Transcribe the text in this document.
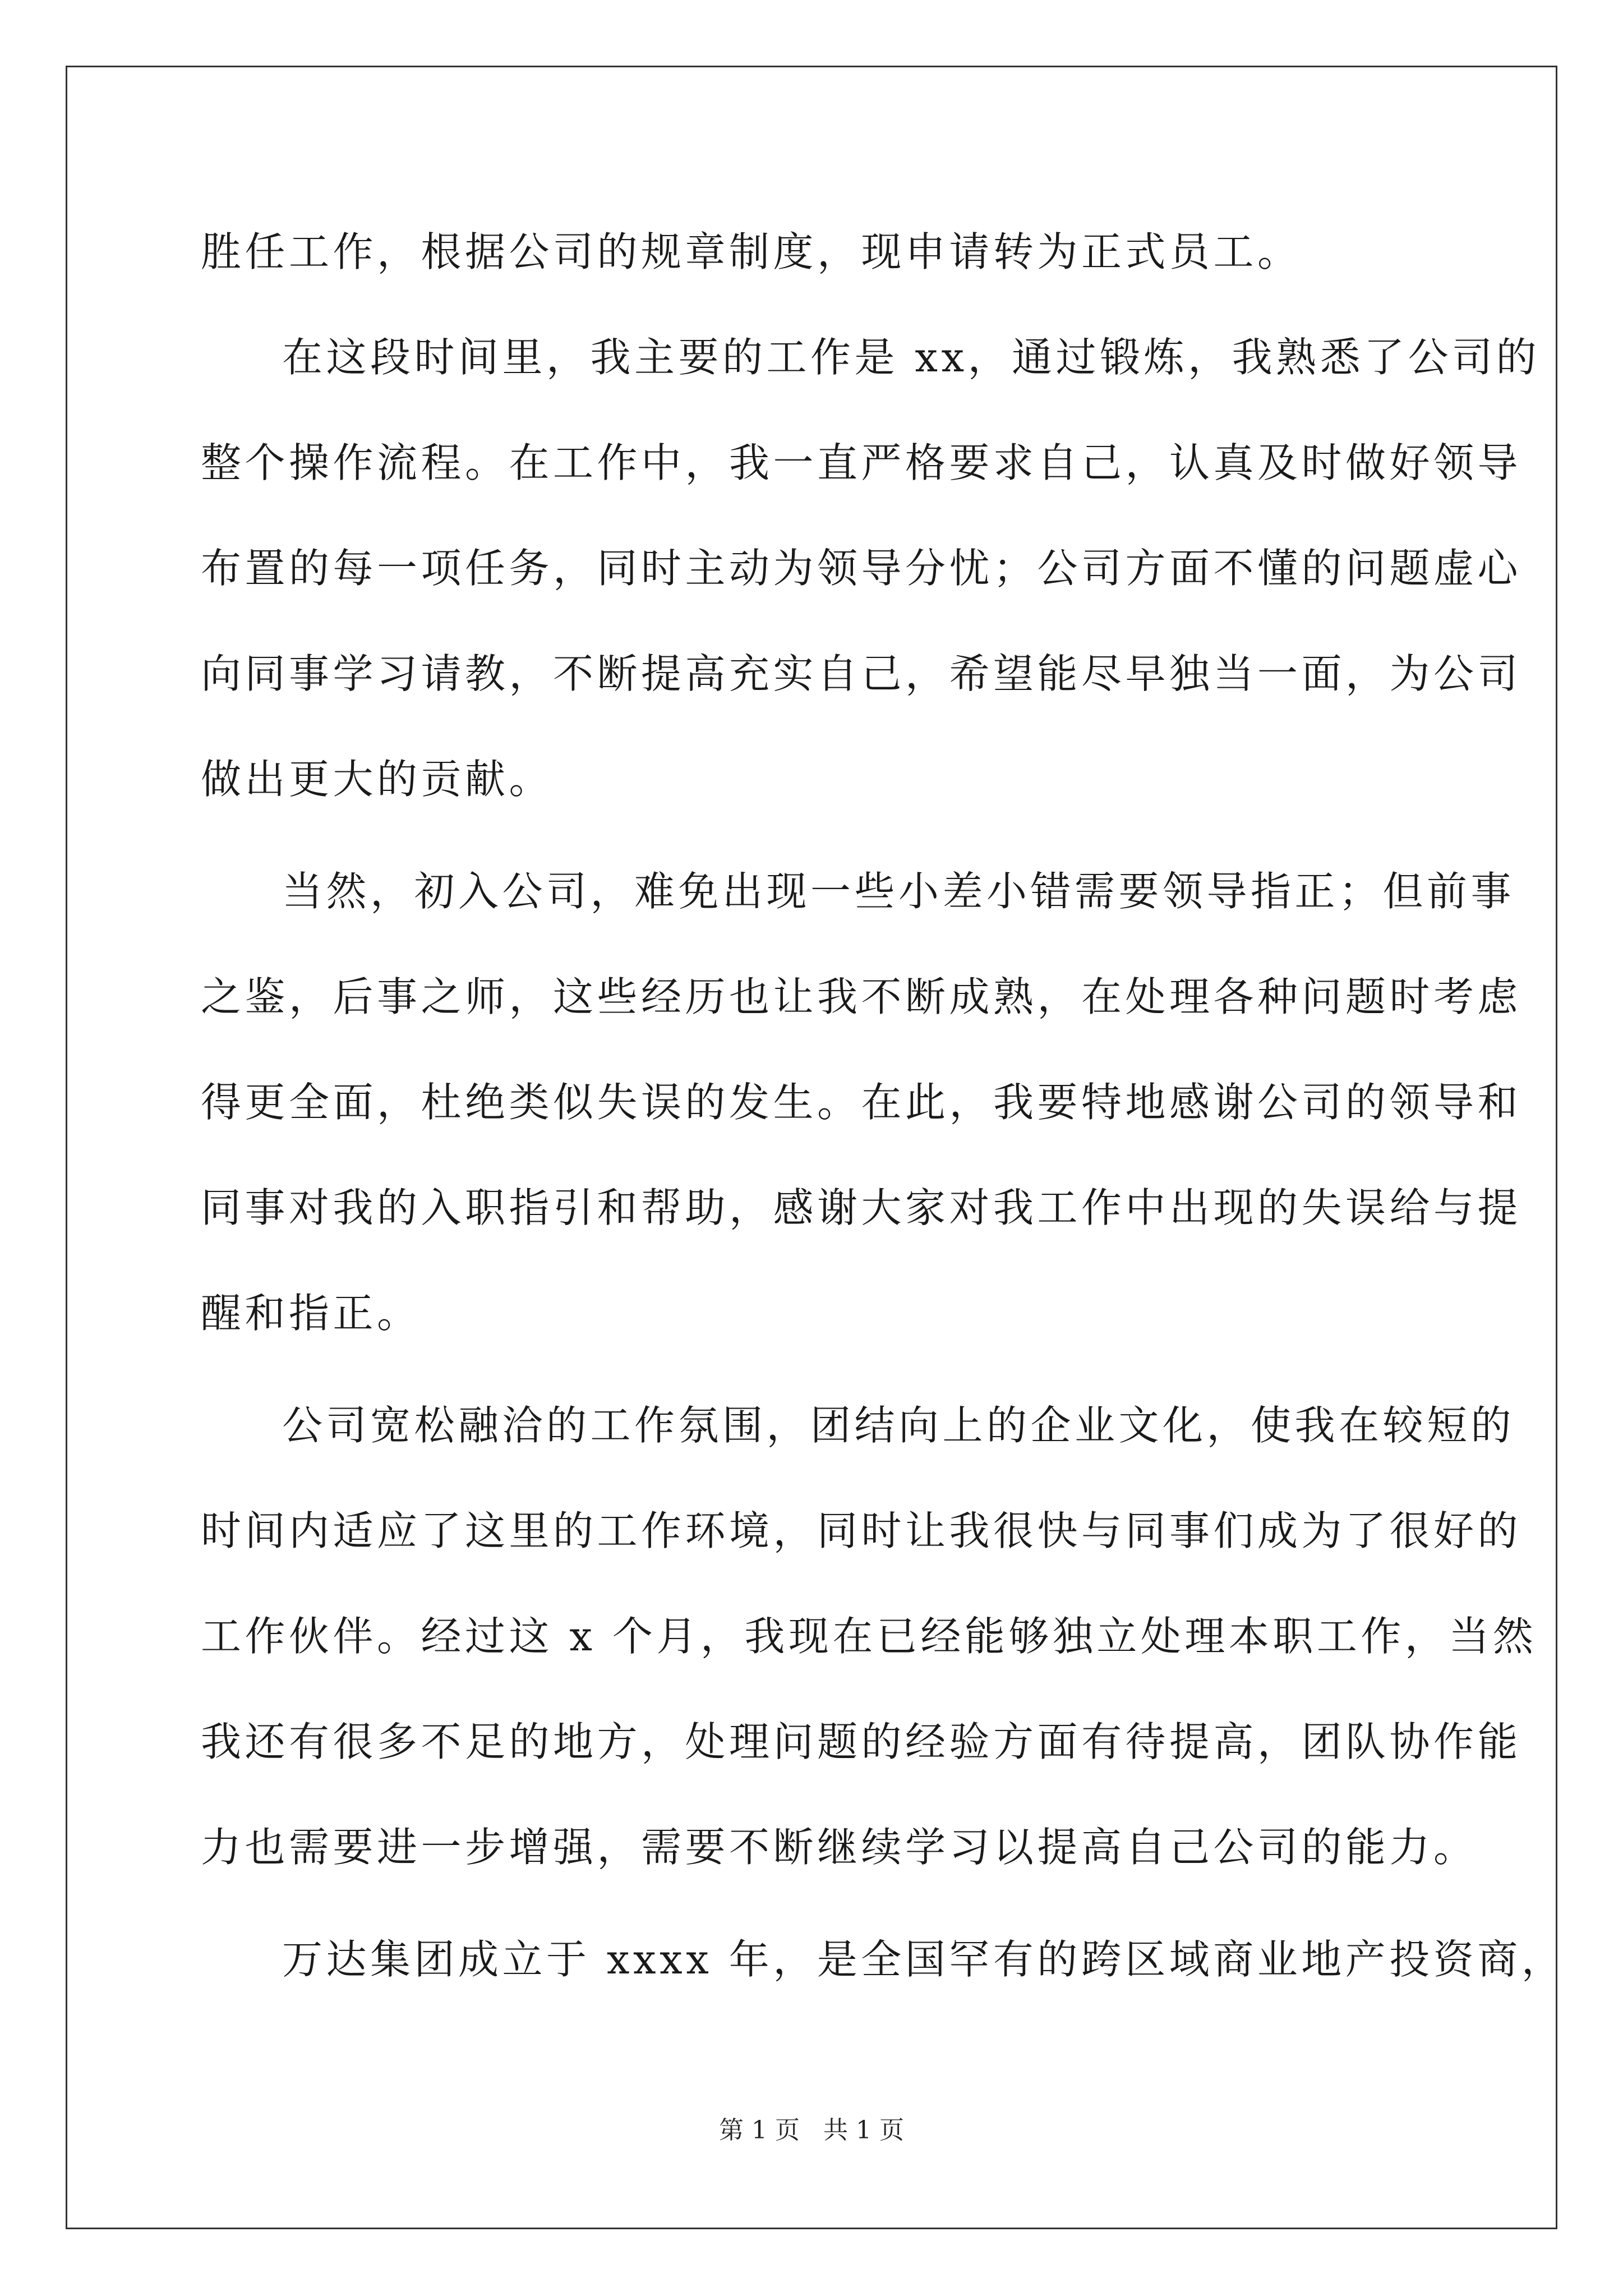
胜任工作，根据公司的规章制度，现申请转为正式员工。
在这段时间里，我主要的工作是 xx，通过锻炼，我熟悉了公司的
整个操作流程。在工作中，我一直严格要求自己，认真及时做好领导
布置的每一项任务，同时主动为领导分忧；公司方面不懂的问题虚心
向同事学习请教，不断提高充实自己，希望能尽早独当一面，为公司
做出更大的贡献。
当然，初入公司，难免出现一些小差小错需要领导指正；但前事
之鉴，后事之师，这些经历也让我不断成熟，在处理各种问题时考虑
得更全面，杜绝类似失误的发生。在此，我要特地感谢公司的领导和
同事对我的入职指引和帮助，感谢大家对我工作中出现的失误给与提
醒和指正。
公司宽松融洽的工作氛围，团结向上的企业文化，使我在较短的
时间内适应了这里的工作环境，同时让我很快与同事们成为了很好的
工作伙伴。经过这 x 个月，我现在已经能够独立处理本职工作，当然
我还有很多不足的地方，处理问题的经验方面有待提高，团队协作能
力也需要进一步增强，需要不断继续学习以提高自己公司的能力。
万达集团成立于 xxxx 年，是全国罕有的跨区域商业地产投资商，
第 1 页 共 1 页
